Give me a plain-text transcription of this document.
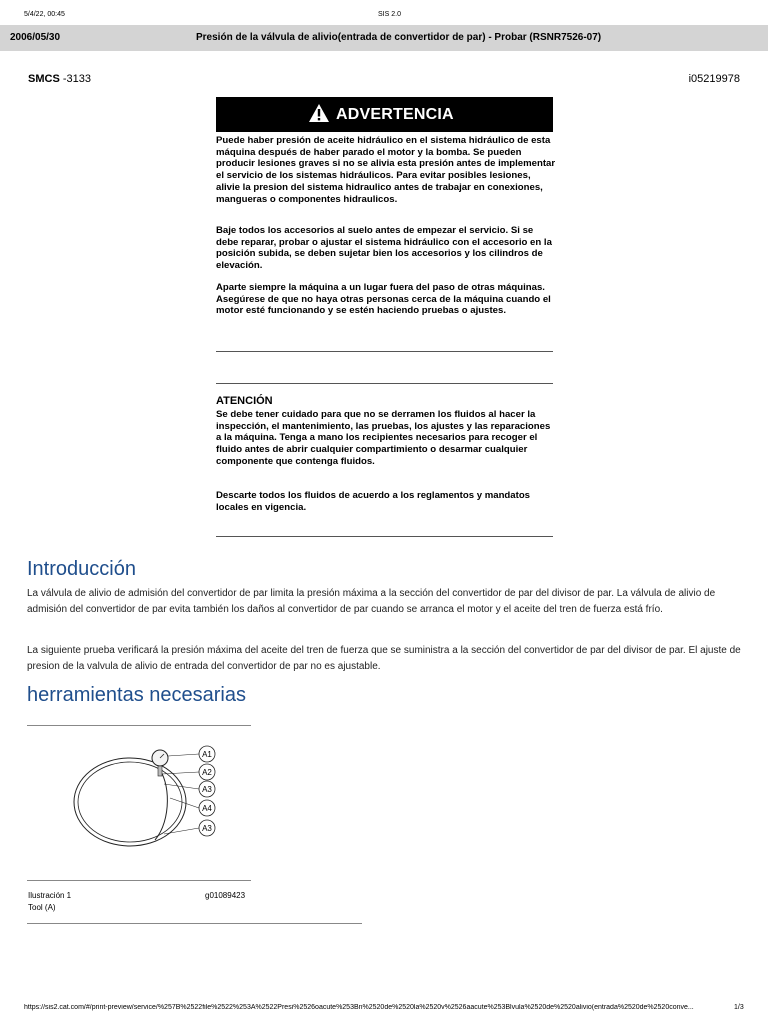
5/4/22, 00:45	SIS 2.0
2006/05/30	Presión de la válvula de alivio(entrada de convertidor de par) - Probar (RSNR7526-07)
SMCS -3133	i05219978
ADVERTENCIA
Puede haber presión de aceite hidráulico en el sistema hidráulico de esta máquina después de haber parado el motor y la bomba. Se pueden producir lesiones graves si no se alivia esta presión antes de implementar el servicio de los sistemas hidráulicos. Para evitar posibles lesiones, alivie la presion del sistema hidraulico antes de trabajar en conexiones, mangueras o componentes hidraulicos.
Baje todos los accesorios al suelo antes de empezar el servicio. Si se debe reparar, probar o ajustar el sistema hidráulico con el accesorio en la posición subida, se deben sujetar bien los accesorios y los cilindros de elevación.
Aparte siempre la máquina a un lugar fuera del paso de otras máquinas. Asegúrese de que no haya otras personas cerca de la máquina cuando el motor esté funcionando y se estén haciendo pruebas o ajustes.
ATENCIÓN
Se debe tener cuidado para que no se derramen los fluidos al hacer la inspección, el mantenimiento, las pruebas, los ajustes y las reparaciones a la máquina. Tenga a mano los recipientes necesarios para recoger el fluido antes de abrir cualquier compartimiento o desarmar cualquier componente que contenga fluidos.
Descarte todos los fluidos de acuerdo a los reglamentos y mandatos locales en vigencia.
Introducción
La válvula de alivio de admisión del convertidor de par limita la presión máxima a la sección del convertidor de par del divisor de par. La válvula de alivio de admisión del convertidor de par evita también los daños al convertidor de par cuando se arranca el motor y el aceite del tren de fuerza está frío.
La siguiente prueba verificará la presión máxima del aceite del tren de fuerza que se suministra a la sección del convertidor de par del divisor de par. El ajuste de presion de la valvula de alivio de entrada del convertidor de par no es ajustable.
herramientas necesarias
A1
A2
A3
A4
A3
Ilustración 1	g01089423
Tool (A)
https://sis2.cat.com/#/print-preview/service/%257B%2522file%2522%253A%2522Presi%2526oacute%253Bn%2520de%2520la%2520v%2526aacute%253Blvula%2520de%2520alivio(entrada%2520de%2520conve...	1/3
